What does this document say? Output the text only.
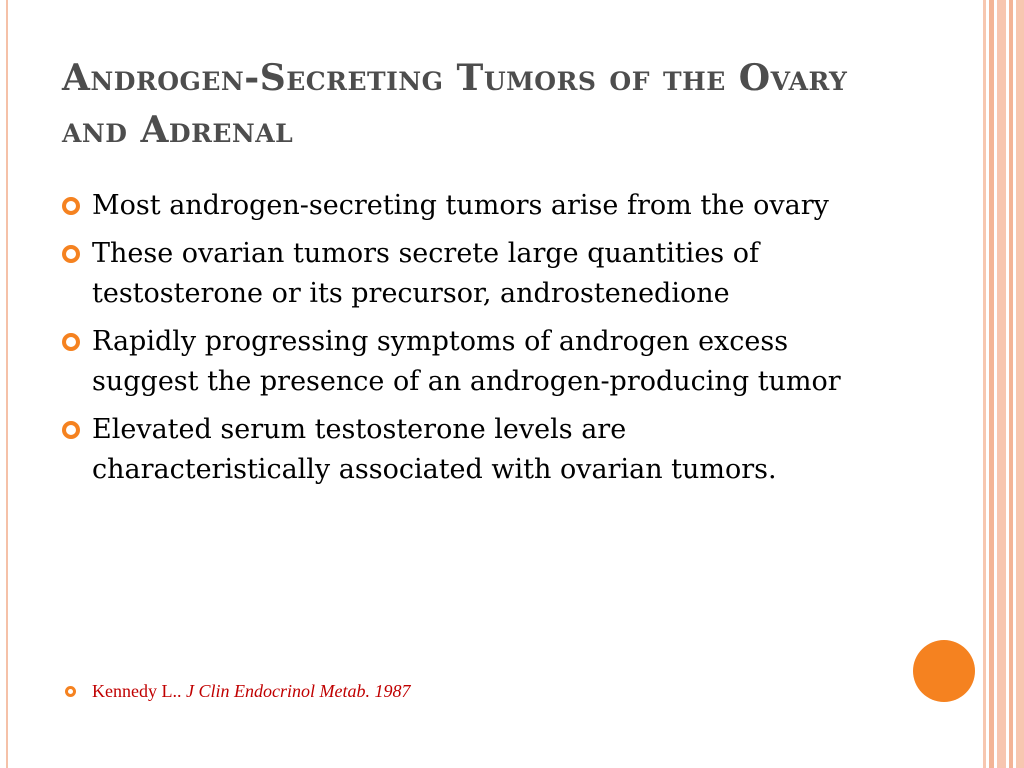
Androgen-Secreting Tumors of the Ovary and Adrenal
Most androgen-secreting tumors arise from the ovary
These ovarian tumors secrete large quantities of testosterone or its precursor, androstenedione
Rapidly progressing symptoms of androgen excess suggest the presence of an androgen-producing tumor
Elevated serum testosterone levels are characteristically associated with ovarian tumors.
Kennedy L.. J Clin Endocrinol Metab. 1987
